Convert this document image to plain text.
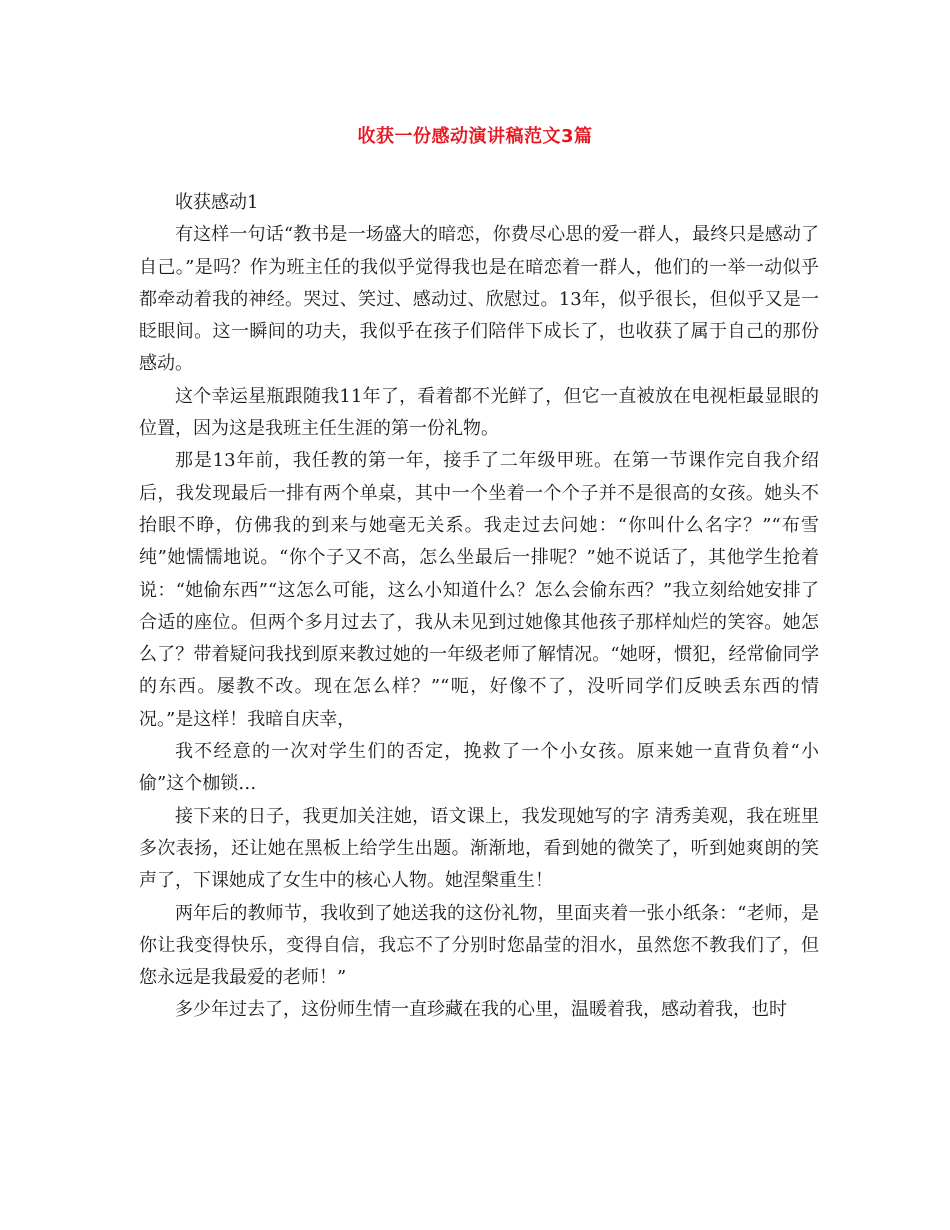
收获一份感动演讲稿范文3篇

收获感动1

有这样一句话“教书是一场盛大的暗恋，你费尽心思的爱一群人，最终只是感动了自己。”是吗？作为班主任的我似乎觉得我也是在暗恋着一群人，他们的一举一动似乎都牵动着我的神经。哭过、笑过、感动过、欣慰过。13年，似乎很长，但似乎又是一眨眼间。这一瞬间的功夫，我似乎在孩子们陪伴下成长了，也收获了属于自己的那份感动。

这个幸运星瓶跟随我11年了，看着都不光鲜了，但它一直被放在电视柜最显眼的位置，因为这是我班主任生涯的第一份礼物。

那是13年前，我任教的第一年，接手了二年级甲班。在第一节课作完自我介绍后，我发现最后一排有两个单桌，其中一个坐着一个个子并不是很高的女孩。她头不抬眼不睁，仿佛我的到来与她毫无关系。我走过去问她：“你叫什么名字？”“布雪纯”她懦懦地说。“你个子又不高，怎么坐最后一排呢？”她不说话了，其他学生抢着说：“她偷东西”“这怎么可能，这么小知道什么？怎么会偷东西？”我立刻给她安排了合适的座位。但两个多月过去了，我从未见到过她像其他孩子那样灿烂的笑容。她怎么了？带着疑问我找到原来教过她的一年级老师了解情况。“她呀，惯犯，经常偷同学的东西。屡教不改。现在怎么样？”“呃，好像不了，没听同学们反映丢东西的情况。”是这样！我暗自庆幸，

我不经意的一次对学生们的否定，挽救了一个小女孩。原来她一直背负着“小偷”这个枷锁…

接下来的日子，我更加关注她，语文课上，我发现她写的字 清秀美观，我在班里多次表扬，还让她在黑板上给学生出题。渐渐地，看到她的微笑了，听到她爽朗的笑声了，下课她成了女生中的核心人物。她涅槃重生！

两年后的教师节，我收到了她送我的这份礼物，里面夹着一张小纸条：“老师，是你让我变得快乐，变得自信，我忘不了分别时您晶莹的泪水，虽然您不教我们了，但您永远是我最爱的老师！”

多少年过去了，这份师生情一直珍藏在我的心里，温暖着我，感动着我，也时
